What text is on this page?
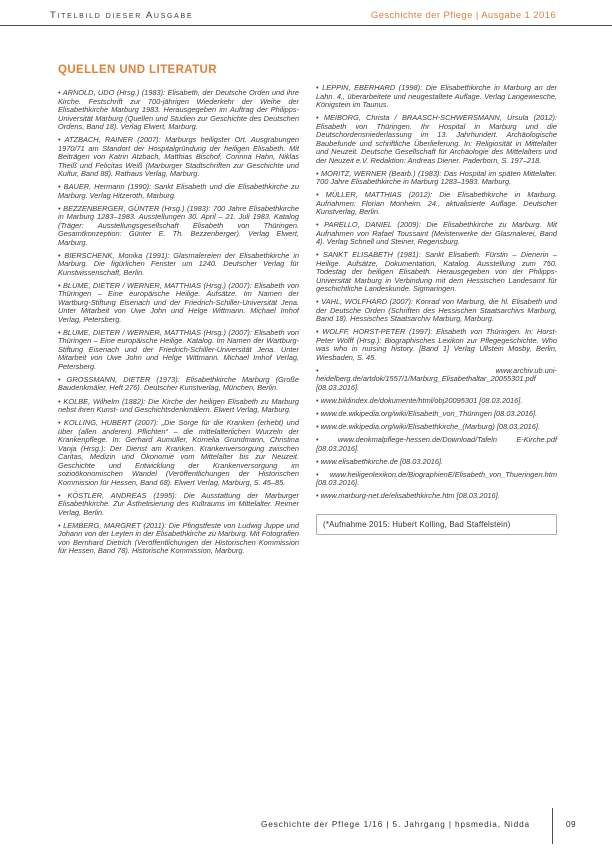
Titelbild dieser Ausgabe	Geschichte der Pflege | Ausgabe 1 2016
QUELLEN UND LITERATUR

• ARNOLD, UDO (Hrsg.) (1983): Elisabeth, der Deutsche Orden und ihre Kirche. Festschrift zur 700-jährigen Wiederkehr der Weihe der Elisabethkirche Marburg 1983. Herausgegeben im Auftrag der Philipps-Universität Marburg (Quellen und Studien zur Geschichte des Deutschen Ordens, Band 18). Verlag Elwert, Marburg.

• ATZBACH, RAINER (2007): Marburgs heiligster Ort. Ausgrabungen 1970/71 am Standort der Hospitalgründung der heiligen Elisabeth. Mit Beiträgen von Katrin Atzbach, Matthias Bischof, Corinna Hahn, Niklas Theiß und Felicitas Weiß (Marburger Stadtschriften zur Geschichte und Kultur, Band 88). Rathaus Verlag, Marburg.

• BAUER, Hermann (1990): Sankt Elisabeth und die Elisabethkirche zu Marburg. Verlag Hitzeroth, Marburg.

• BEZZENBERGER, GÜNTER (Hrsg.) (1983): 700 Jahre Elisabethkirche in Marburg 1283–1983. Ausstellungen 30. April – 21. Juli 1983. Katalog (Träger: Ausstellungsgesellschaft Elisabeth von Thüringen. Gesamtkonzeption: Günter E. Th. Bezzenberger). Verlag Elwert, Marburg.

• BIERSCHENK, Monika (1991): Glasmalereien der Elisabethkirche in Marburg. Die figürlichen Fenster um 1240. Deutscher Verlag für Kunstwissenschaft, Berlin.

• BLUME, DIETER / WERNER, MATTHIAS (Hrsg.) (2007): Elisabeth von Thüringen – Eine europäische Heilige. Aufsätze. Im Namen der Wartburg-Stiftung Eisenach und der Friedrich-Schiller-Universität Jena. Unter Mitarbeit von Uwe John und Helge Wittmann. Michael Imhof Verlag, Petersberg.

• BLUME, DIETER / WERNER, MATTHIAS (Hrsg.) (2007): Elisabeth von Thüringen – Eine europäische Heilige. Katalog. Im Namen der Wartburg-Stiftung Eisenach und der Friedrich-Schiller-Universität Jena. Unter Mitarbeit von Uwe John und Helge Wittmann. Michael Imhof Verlag, Petersberg.

• GROSSMANN, DIETER (1973): Elisabethkirche Marburg (Große Baudenkmäler, Heft 276). Deutscher Kunstverlag, München, Berlin.

• KOLBE, Wilhelm (1882): Die Kirche der heiligen Elisabeth zu Marburg nebst ihren Kunst- und Geschichtsdenkmälern. Elwert Verlag, Marburg.

• KOLLING, HUBERT (2007): „Die Sorge für die Kranken (erhebt) und über (allen anderen) Pflichten“ – die mittelalterlichen Wurzeln der Krankenpflege. In: Gerhard Aumüller, Kornelia Grundmann, Christina Vanja (Hrsg.): Der Dienst am Kranken. Krankenversorgung zwischen Caritas, Medizin und Ökonomie vom Mittelalter bis zur Neuzeit. Geschichte und Entwicklung der Krankenversorgung im sozioökonomischen Wandel (Veröffentlichungen der Historischen Kommission für Hessen, Band 68). Elwert Verlag, Marburg, S. 45–85.

• KÖSTLER, ANDREAS (1995): Die Ausstattung der Marburger Elisabethkirche. Zur Ästhetisierung des Kultraums im Mittelalter. Reimer Verlag, Berlin.

• LEMBERG, MARGRET (2011): Die Pfingstfeste von Ludwig Juppe und Johann von der Leyten in der Elisabethkirche zu Marburg. Mit Fotografien von Bernhard Dietrich (Veröffentlichungen der Historischen Kommission für Hessen, Band 78). Historische Kommission, Marburg.

• LEPPIN, EBERHARD (1998): Die Elisabethkirche in Marburg an der Lahn. 4., überarbeitete und neugestaltete Auflage. Verlag Langewiesche, Königstein im Taunus.

• MEIBORG, Christa / BRAASCH-SCHWERSMANN, Ursula (2012): Elisabeth von Thüringen. Ihr Hospital in Marburg und die Deutschordensniederlassung im 13. Jahrhundert. Archäologische Baubefunde und schriftliche Überlieferung. In: Religiosität in Mittelalter und Neuzeit. Deutsche Gesellschaft für Archäologie des Mittelalters und der Neuzeit e.V. Redaktion: Andreas Diener. Paderborn, S. 197–218.

• MORITZ, WERNER (Bearb.) (1983): Das Hospital im späten Mittelalter. 700 Jahre Elisabethkirche in Marburg 1283–1983. Marburg.

• MÜLLER, MATTHIAS (2012): Die Elisabethkirche in Marburg. Aufnahmen: Florian Monheim. 24., aktualisierte Auflage. Deutscher Kunstverlag, Berlin.

• PARELLO, DANIEL (2009): Die Elisabethkirche zu Marburg. Mit Aufnahmen von Rafael Toussaint (Meisterwerke der Glasmalerei, Band 4). Verlag Schnell und Steiner, Regensburg.

• SANKT ELISABETH (1981): Sankt Elisabeth. Fürstin – Dienerin – Heilige. Aufsätze, Dokumentation, Katalog. Ausstellung zum 750. Todestag der heiligen Elisabeth. Herausgegeben von der Philipps-Universität Marburg in Verbindung mit dem Hessischen Landesamt für geschichtliche Landeskunde. Sigmaringen.

• VAHL, WOLFHARD (2007): Konrad von Marburg, die hl. Elisabeth und der Deutsche Orden (Schriften des Hessischen Staatsarchivs Marburg, Band 18). Hessisches Staatsarchiv Marburg, Marburg.

• WOLFF, HORST-PETER (1997): Elisabeth von Thüringen. In: Horst-Peter Wolff (Hrsg.): Biographisches Lexikon zur Pflegegeschichte. Who was who in nursing history. [Band 1] Verlag Ullstein Mosby, Berlin, Wiesbaden, S. 45.

• www.archiv.ub.uni-heidelberg.de/artdok/1557/1/Marburg_Elisabethaltar_20055301.pdf [08.03.2016].

• www.bildindex.de/dokumente/html/obj20095301 [08.03.2016].

• www.de.wikipedia.org/wiki/Elisabeth_von_Thüringen [08.03.2016].

• www.de.wikipedia.org/wiki/Elisabethkirche_(Marburg) [08.03.2016].

• www.denkmalpflege-hessen.de/Download/Tafeln E-Kirche.pdf [08.03.2016].

• www.elisabethkirche.de [08.03.2016].

• www.heiligenlexikon.de/BiographienE/Elisabeth_von_Thueringen.htm [08.03.2016].

• www.marburg-net.de/elisabethkirche.htm [08.03.2016].

(*Aufnahme 2015: Hubert Kolling, Bad Staffelstein)
Geschichte der Pflege 1/16 | 5. Jahrgang | hpsmedia, Nidda	09
